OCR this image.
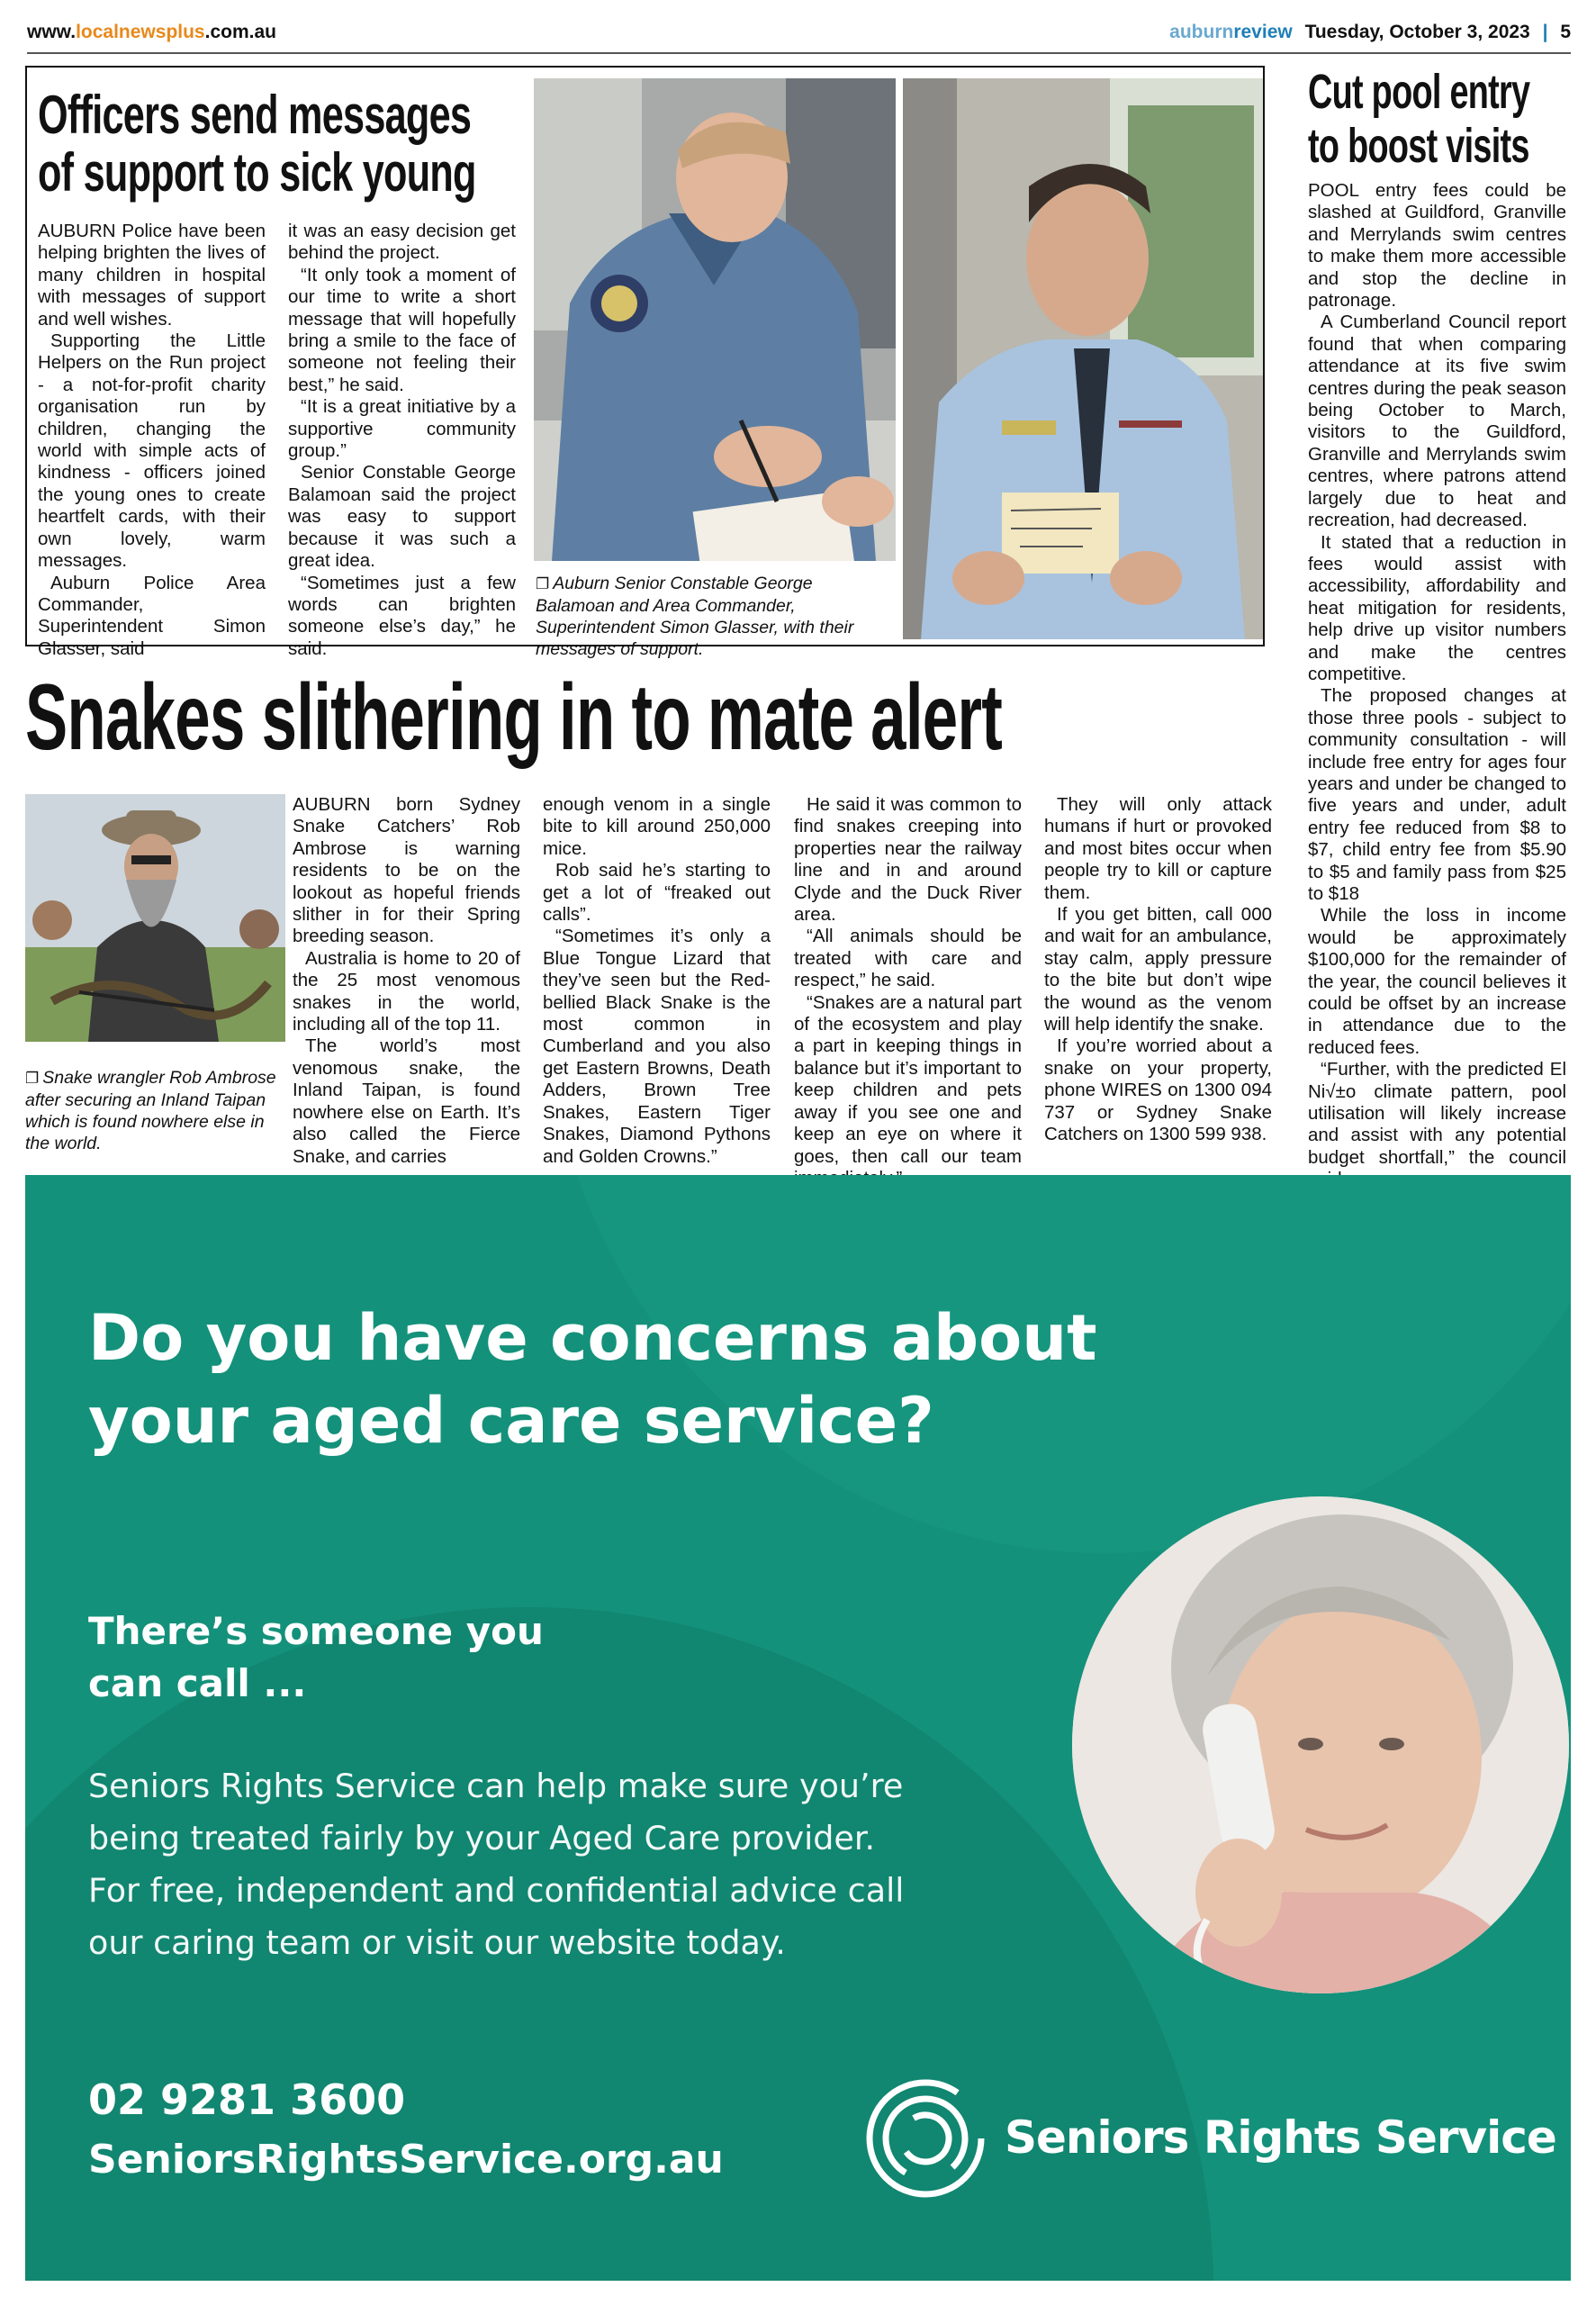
www.localnewsplus.com.au	auburnreview Tuesday, October 3, 2023 | 5
Officers send messages
of support to sick young

AUBURN Police have been helping brighten the lives of many children in hospital with messages of support and well wishes.

Supporting the Little Helpers on the Run project - a not-for-profit charity organisation run by children, changing the world with simple acts of kindness - officers joined the young ones to create heartfelt cards, with their own lovely, warm messages.

Auburn Police Area Commander, Superintendent Simon Glasser, said

it was an easy decision get behind the project.

“It only took a moment of our time to write a short message that will hopefully bring a smile to the face of someone not feeling their best,” he said.

“It is a great initiative by a supportive community group.”

Senior Constable George Balamoan said the project was easy to support because it was such a great idea.

“Sometimes just a few words can brighten someone else’s day,” he said.

❐ Auburn Senior Constable George Balamoan and Area Commander, Superintendent Simon Glasser, with their messages of support.
Cut pool entry
to boost visits

POOL entry fees could be slashed at Guildford, Granville and Merrylands swim centres to make them more accessible and stop the decline in patronage.

A Cumberland Council report found that when comparing attendance at its five swim centres during the peak season being October to March, visitors to the Guildford, Granville and Merrylands swim centres, where patrons attend largely due to heat and recreation, had decreased.

It stated that a reduction in fees would assist with accessibility, affordability and heat mitigation for residents, help drive up visitor numbers and make the centres competitive.

The proposed changes at those three pools - subject to community consultation - will include free entry for ages four years and under be changed to five years and under, adult entry fee reduced from $8 to $7, child entry fee from $5.90 to $5 and family pass from $25 to $18

While the loss in income would be approximately $100,000 for the remainder of the year, the council believes it could be offset by an increase in attendance due to the reduced fees.

“Further, with the predicted El Ni√±o climate pattern, pool utilisation will likely increase and assist with any potential budget shortfall,” the council

Snakes slithering in to mate alert
❐ Snake wrangler Rob Ambrose after securing an Inland Taipan which is found nowhere else in the world.

AUBURN born Sydney Snake Catchers’ Rob Ambrose is warning residents to be on the lookout as hopeful friends slither in for their Spring breeding season.

Australia is home to 20 of the 25 most venomous snakes in the world, including all of the top 11.

The world’s most venomous snake, the Inland Taipan, is found nowhere else on Earth. It’s also called the Fierce Snake, and carries

enough venom in a single bite to kill around 250,000 mice.

Rob said he’s starting to get a lot of “freaked out calls”.

“Sometimes it’s only a Blue Tongue Lizard that they’ve seen but the Red-bellied Black Snake is the most common in Cumberland and you also get Eastern Browns, Death Adders, Brown Tree Snakes, Eastern Tiger Snakes, Diamond Pythons and Golden Crowns.”

He said it was common to find snakes creeping into properties near the railway line and in and around Clyde and the Duck River area.

“All animals should be treated with care and respect,” he said.

“Snakes are a natural part of the ecosystem and play a part in keeping things in balance but it’s important to keep children and pets away if you see one and keep an eye on where it goes, then call our team

They will only attack humans if hurt or provoked and most bites occur when people try to kill or capture them.

If you get bitten, call 000 and wait for an ambulance, stay calm, apply pressure to the bite but don’t wipe the wound as the venom will help identify the snake.

If you’re worried about a snake on your property, phone WIRES on 1300 094 737 or Sydney Snake Catchers on 1300 599 938.

Do you have concerns about
your aged care service?
There’s someone you
can call ...
Seniors Rights Service can help make sure you’re
being treated fairly by your Aged Care provider.
For free, independent and confidential advice call
our caring team or visit our website today.
02 9281 3600
SeniorsRightsService.org.au	Seniors Rights Service
